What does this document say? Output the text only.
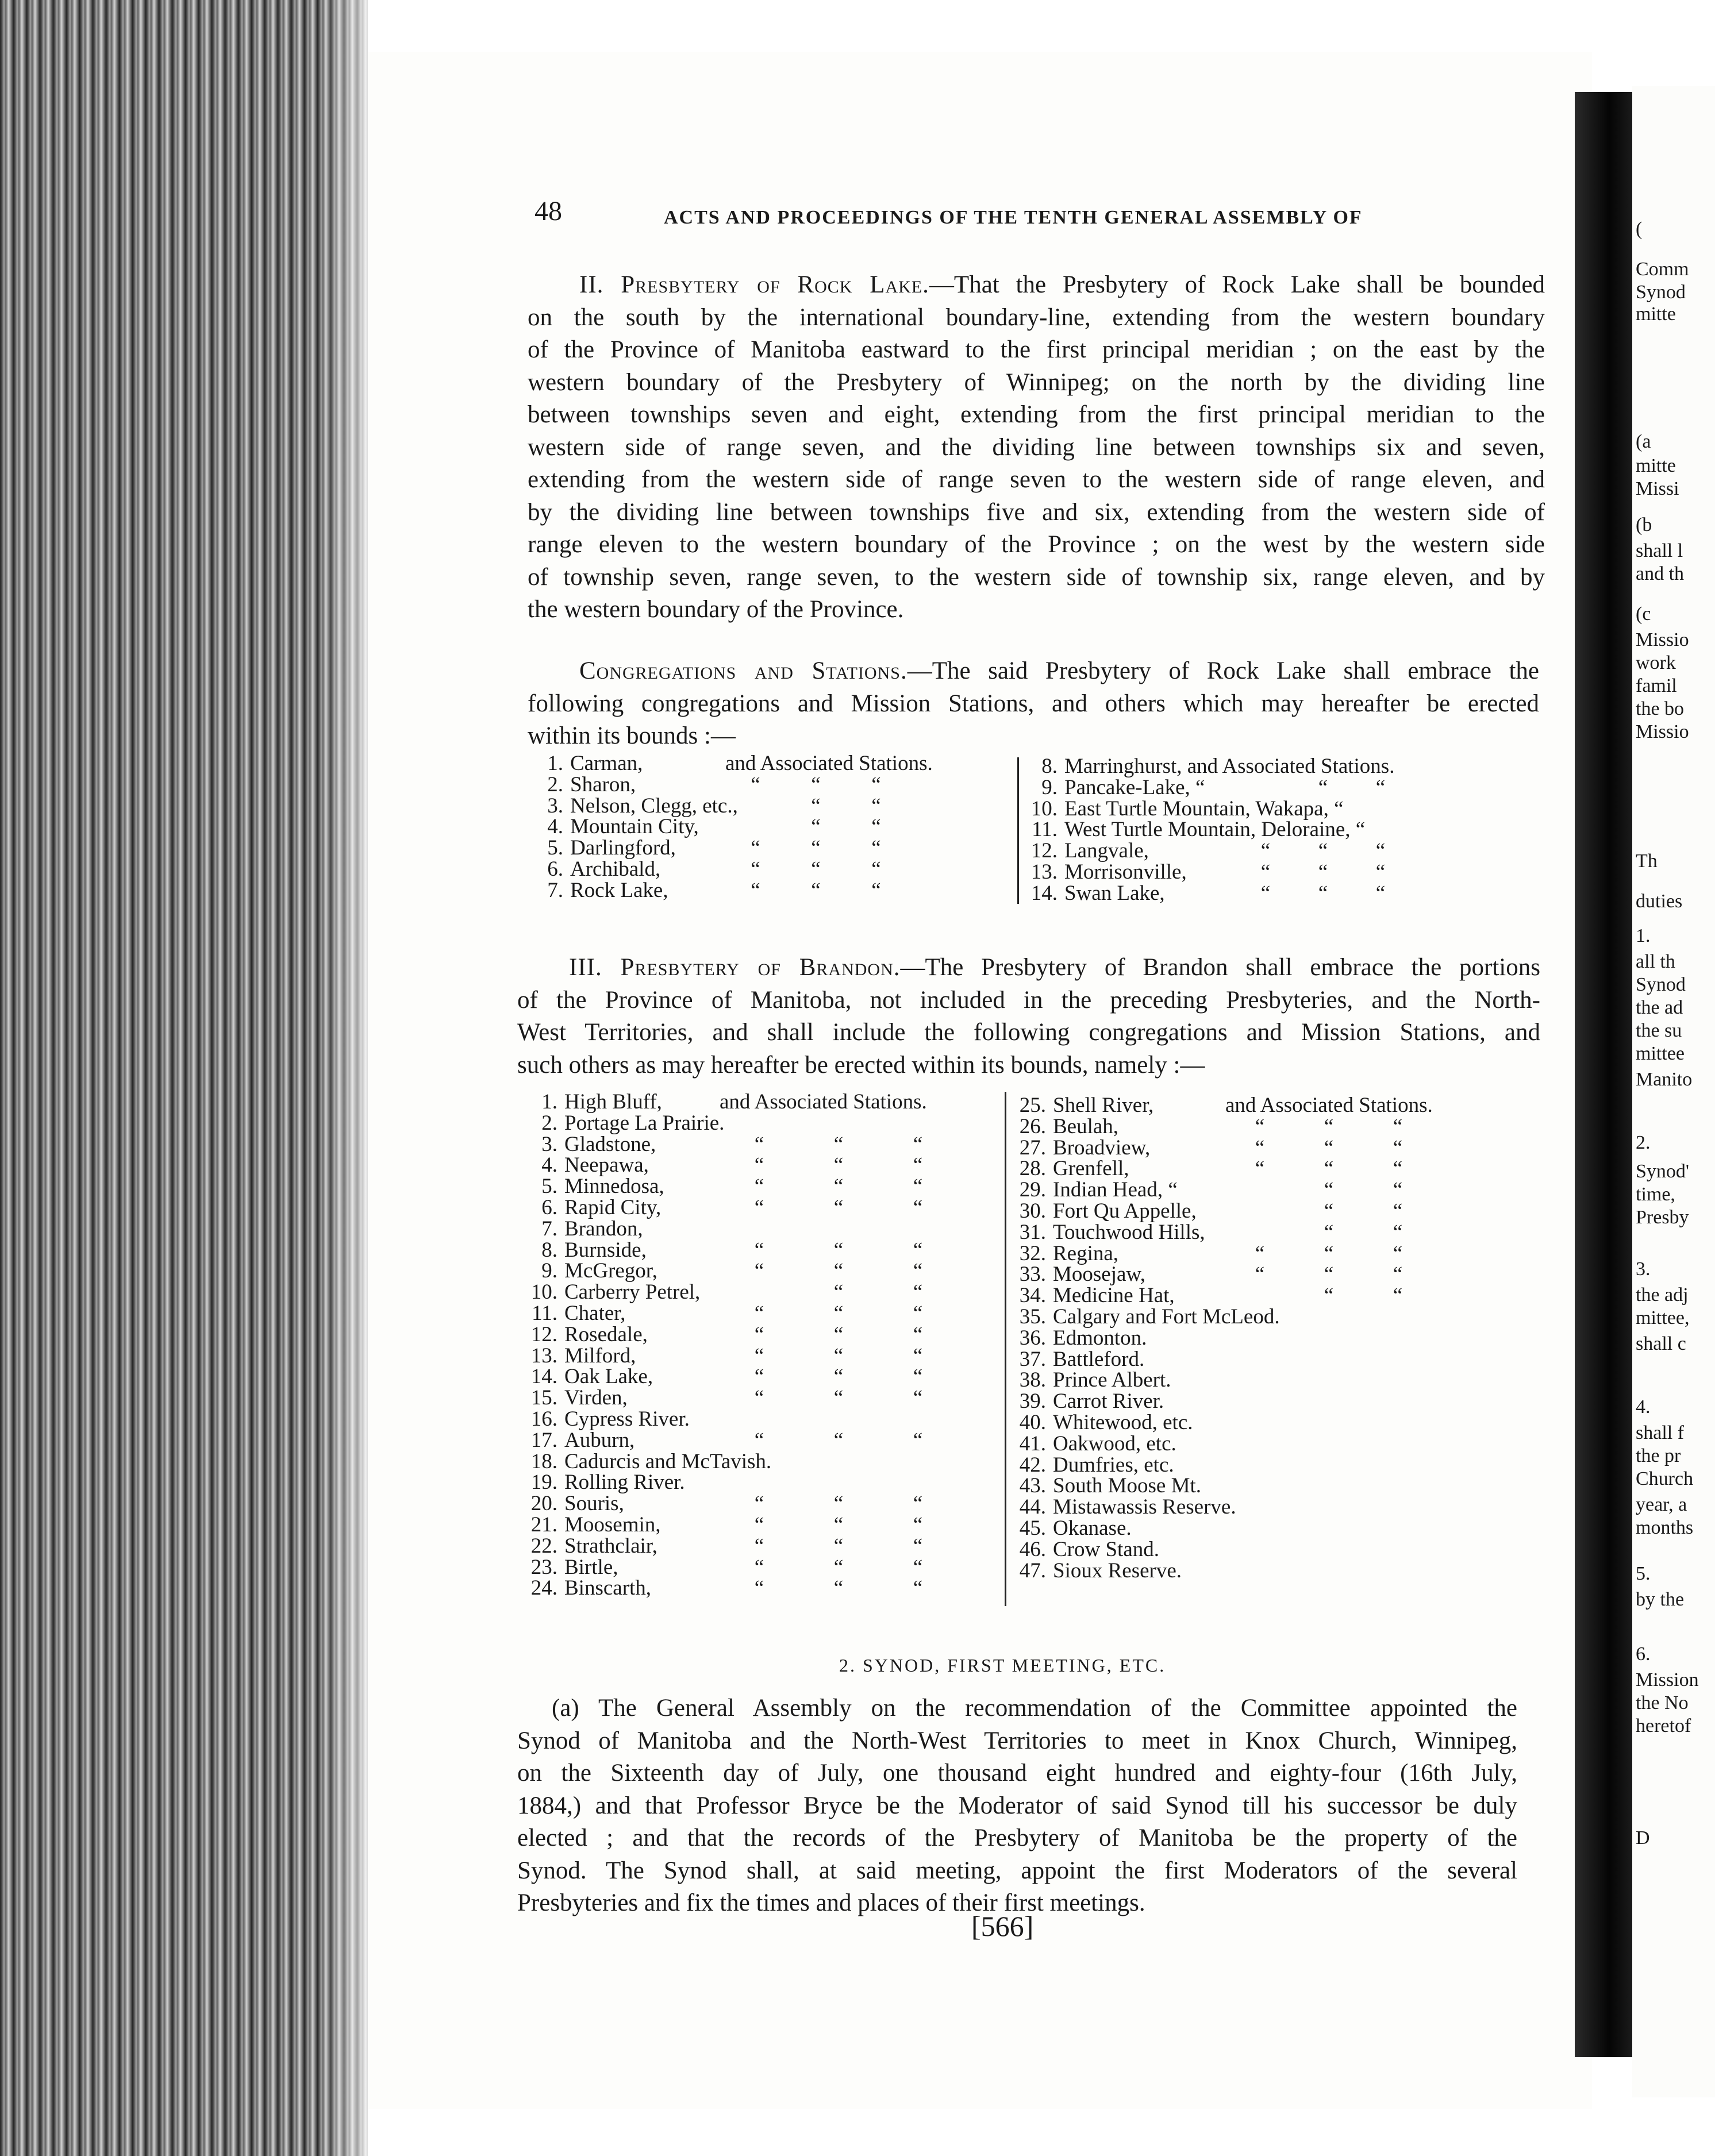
(
Comm
Synod
mitte
(a
mitte
Missi
(b
shall l
and th
(c
Missio
work
famil
the bo
Missio
Th
duties
1.
all th
Synod
the ad
the su
mittee
Manito
2.
Synod'
time,
Presby
3.
the adj
mittee,
shall c
4.
shall f
the pr
Church
year, a
months
5.
by the
6.
Mission
the No
heretof
D
48	ACTS AND PROCEEDINGS OF THE TENTH GENERAL ASSEMBLY OF
II. Presbytery of Rock Lake.—That the Presbytery of Rock Lake shall be bounded
on the south by the international boundary-line, extending from the western boundary
of the Province of Manitoba eastward to the first principal meridian ; on the east by the
western boundary of the Presbytery of Winnipeg; on the north by the dividing line
between townships seven and eight, extending from the first principal meridian to the
western side of range seven, and the dividing line between townships six and seven,
extending from the western side of range seven to the western side of range eleven, and
by the dividing line between townships five and six, extending from the western side of
range eleven to the western boundary of the Province ; on the west by the western side
of township seven, range seven, to the western side of township six, range eleven, and by
the western boundary of the Province.
Congregations and Stations.—The said Presbytery of Rock Lake shall embrace the
following congregations and Mission Stations, and others which may hereafter be erected
within its bounds :—
1. Carman,	and Associated Stations.
2. Sharon,	“	“	“
3. Nelson, Clegg, etc.,	“	“
4. Mountain City,	“	“
5. Darlingford,	“	“	“
6. Archibald,	“	“	“
7. Rock Lake,	“	“	“
8. Marringhurst, and Associated Stations.
9. Pancake-Lake, “	“	“
10. East Turtle Mountain, Wakapa, “
11. West Turtle Mountain, Deloraine, “
12. Langvale,	“	“	“
13. Morrisonville,	“	“	“
14. Swan Lake,	“	“	“
III. Presbytery of Brandon.—The Presbytery of Brandon shall embrace the portions
of the Province of Manitoba, not included in the preceding Presbyteries, and the North-
West Territories, and shall include the following congregations and Mission Stations, and
such others as may hereafter be erected within its bounds, namely :—
1. High Bluff,	and Associated Stations.
2. Portage La Prairie.
3. Gladstone,	“	“	“
4. Neepawa,	“	“	“
5. Minnedosa,	“	“	“
6. Rapid City,	“	“	“
7. Brandon,
8. Burnside,	“	“	“
9. McGregor,	“	“	“
10. Carberry Petrel,	“	“
11. Chater,	“	“	“
12. Rosedale,	“	“	“
13. Milford,	“	“	“
14. Oak Lake,	“	“	“
15. Virden,	“	“	“
16. Cypress River.
17. Auburn,	“	“	“
18. Cadurcis and McTavish.
19. Rolling River.
20. Souris,	“	“	“
21. Moosemin,	“	“	“
22. Strathclair,	“	“	“
23. Birtle,	“	“	“
24. Binscarth,	“	“	“
25. Shell River,	and Associated Stations.
26. Beulah,	“	“	“
27. Broadview,	“	“	“
28. Grenfell,	“	“	“
29. Indian Head, “	“	“
30. Fort Qu Appelle,	“	“
31. Touchwood Hills,	“	“
32. Regina,	“	“	“
33. Moosejaw,	“	“	“
34. Medicine Hat,	“	“
35. Calgary and Fort McLeod.
36. Edmonton.
37. Battleford.
38. Prince Albert.
39. Carrot River.
40. Whitewood, etc.
41. Oakwood, etc.
42. Dumfries, etc.
43. South Moose Mt.
44. Mistawassis Reserve.
45. Okanase.
46. Crow Stand.
47. Sioux Reserve.
2. SYNOD, FIRST MEETING, ETC.
(a) The General Assembly on the recommendation of the Committee appointed the
Synod of Manitoba and the North-West Territories to meet in Knox Church, Winnipeg,
on the Sixteenth day of July, one thousand eight hundred and eighty-four (16th July,
1884,) and that Professor Bryce be the Moderator of said Synod till his successor be duly
elected ; and that the records of the Presbytery of Manitoba be the property of the
Synod. The Synod shall, at said meeting, appoint the first Moderators of the several
Presbyteries and fix the times and places of their first meetings.
[566]
